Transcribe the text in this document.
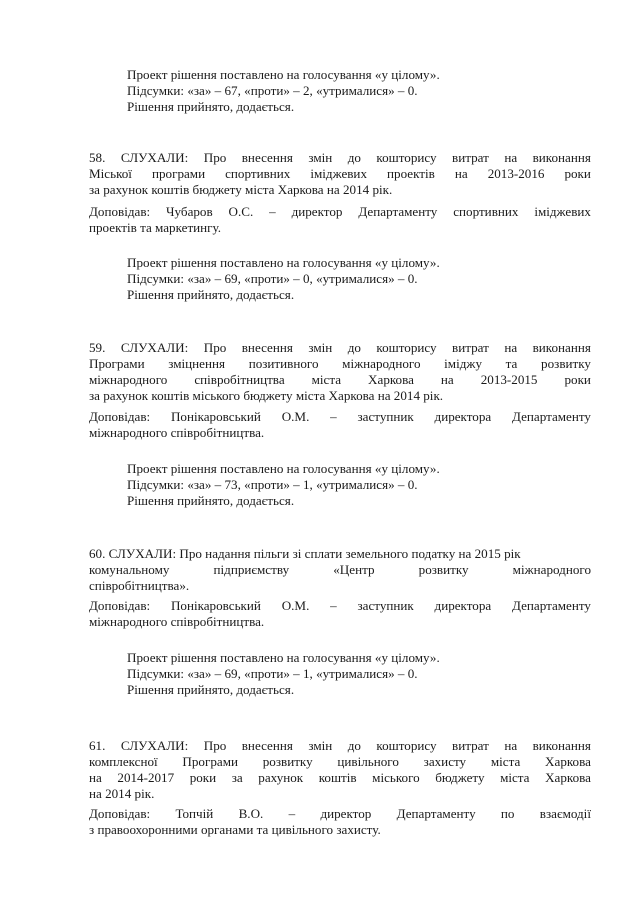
Проект рішення поставлено на голосування «у цілому».
Підсумки: «за» – 67, «проти» – 2, «утрималися» – 0.
Рішення прийнято, додається.
58. СЛУХАЛИ: Про внесення змін до кошторису витрат на виконання
Міської програми спортивних іміджевих проектів на 2013-2016 роки
за рахунок коштів бюджету міста Харкова на 2014 рік.
Доповідав: Чубаров О.С. – директор Департаменту спортивних іміджевих
проектів та маркетингу.
Проект рішення поставлено на голосування «у цілому».
Підсумки: «за» – 69, «проти» – 0, «утрималися» – 0.
Рішення прийнято, додається.
59. СЛУХАЛИ: Про внесення змін до кошторису витрат на виконання
Програми зміцнення позитивного міжнародного іміджу та розвитку
міжнародного співробітництва міста Харкова на 2013-2015 роки
за рахунок коштів міського бюджету міста Харкова на 2014 рік.
Доповідав: Понікаровський О.М. – заступник директора Департаменту
міжнародного співробітництва.
Проект рішення поставлено на голосування «у цілому».
Підсумки: «за» – 73, «проти» – 1, «утрималися» – 0.
Рішення прийнято, додається.
60. СЛУХАЛИ: Про надання пільги зі сплати земельного податку на 2015 рік
комунальному	підприємству	«Центр	розвитку	міжнародного
співробітництва».
Доповідав: Понікаровський О.М. – заступник директора Департаменту
міжнародного співробітництва.
Проект рішення поставлено на голосування «у цілому».
Підсумки: «за» – 69, «проти» – 1, «утрималися» – 0.
Рішення прийнято, додається.
61. СЛУХАЛИ: Про внесення змін до кошторису витрат на виконання
комплексної Програми розвитку цивільного захисту міста Харкова
на 2014-2017 роки за рахунок коштів міського бюджету міста Харкова
на 2014 рік.
Доповідав: Топчій В.О. – директор Департаменту по взаємодії
з правоохоронними органами та цивільного захисту.
